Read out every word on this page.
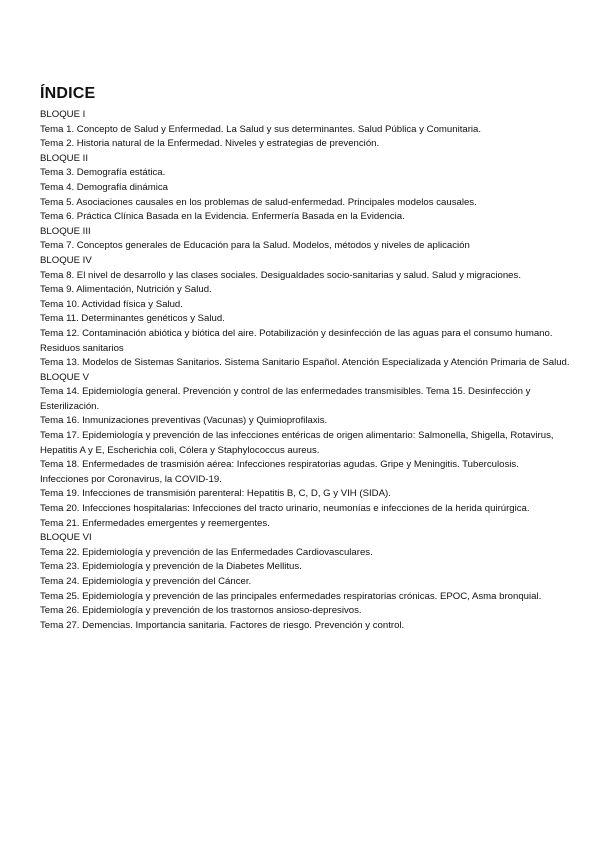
ÍNDICE

BLOQUE I

Tema 1. Concepto de Salud y Enfermedad. La Salud y sus determinantes. Salud Pública y Comunitaria.

Tema 2. Historia natural de la Enfermedad. Niveles y estrategias de prevención.

BLOQUE II

Tema 3. Demografía estática.

Tema 4. Demografía dinámica

Tema 5. Asociaciones causales en los problemas de salud-enfermedad. Principales modelos causales.

Tema 6. Práctica Clínica Basada en la Evidencia. Enfermería Basada en la Evidencia.

BLOQUE III

Tema 7. Conceptos generales de Educación para la Salud. Modelos, métodos y niveles de aplicación

BLOQUE IV

Tema 8. El nivel de desarrollo y las clases sociales. Desigualdades socio-sanitarias y salud. Salud y migraciones.

Tema 9. Alimentación, Nutrición y Salud.

Tema 10. Actividad física y Salud.

Tema 11. Determinantes genéticos y Salud.

Tema 12. Contaminación abiótica y biótica del aire. Potabilización y desinfección de las aguas para el consumo humano. Residuos sanitarios

Tema 13. Modelos de Sistemas Sanitarios. Sistema Sanitario Español. Atención Especializada y Atención Primaria de Salud.

BLOQUE V

Tema 14. Epidemiología general. Prevención y control de las enfermedades transmisibles. Tema 15. Desinfección y Esterilización.

Tema 16. Inmunizaciones preventivas (Vacunas) y Quimioprofilaxis.

Tema 17. Epidemiología y prevención de las infecciones entéricas de origen alimentario: Salmonella, Shigella, Rotavirus, Hepatitis A y E, Escherichia coli, Cólera y Staphylococcus aureus.

Tema 18. Enfermedades de trasmisión aérea: Infecciones respiratorias agudas. Gripe y Meningitis. Tuberculosis. Infecciones por Coronavirus, la COVID-19.

Tema 19. Infecciones de transmisión parenteral: Hepatitis B, C, D, G y VIH (SIDA).

Tema 20. Infecciones hospitalarias: Infecciones del tracto urinario, neumonías e infecciones de la herida quirúrgica.

Tema 21. Enfermedades emergentes y reemergentes.

BLOQUE VI

Tema 22. Epidemiología y prevención de las Enfermedades Cardiovasculares.

Tema 23. Epidemiología y prevención de la Diabetes Mellitus.

Tema 24. Epidemiología y prevención del Cáncer.

Tema 25. Epidemiología y prevención de las principales enfermedades respiratorias crónicas. EPOC, Asma bronquial.

Tema 26. Epidemiología y prevención de los trastornos ansioso-depresivos.

Tema 27. Demencias. Importancia sanitaria. Factores de riesgo. Prevención y control.
